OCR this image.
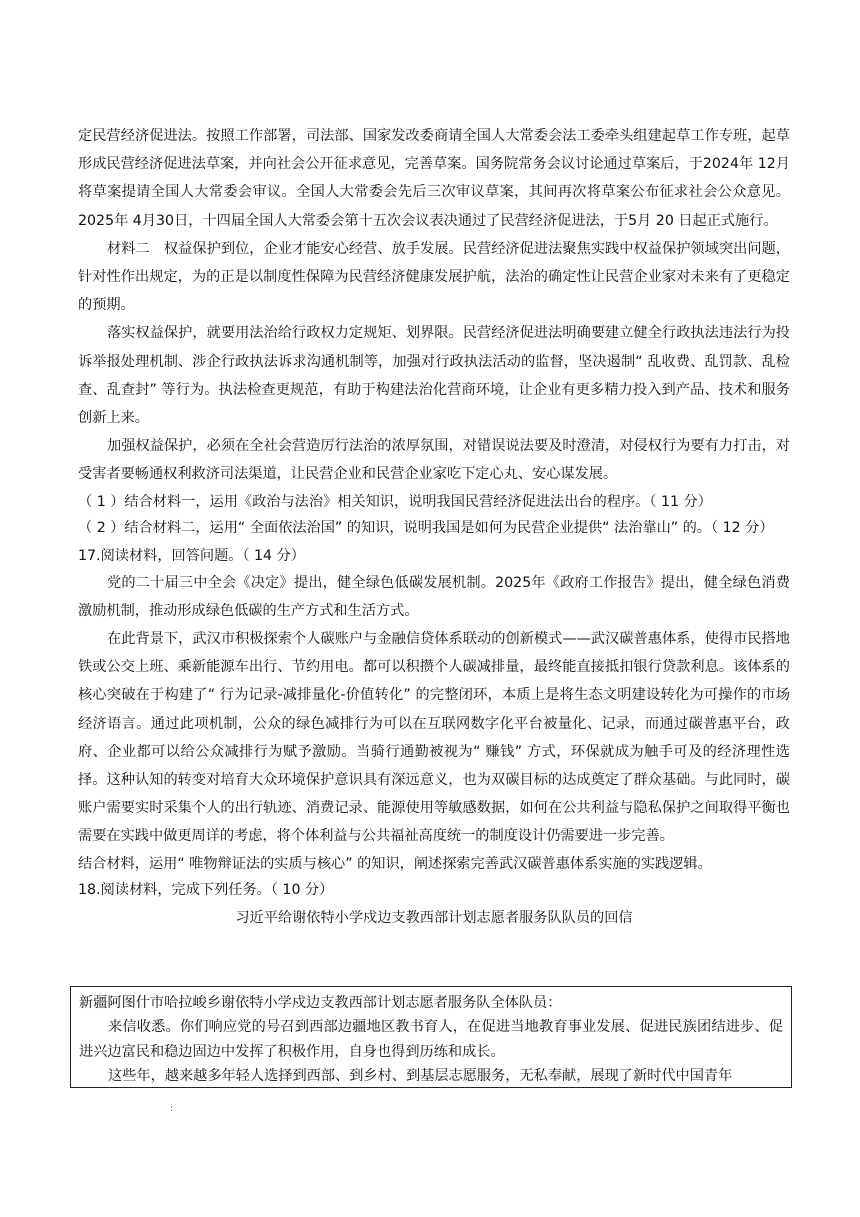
定民营经济促进法。按照工作部署，司法部、国家发改委商请全国人大常委会法工委牵头组建起草工作专班，起草形成民营经济促进法草案，并向社会公开征求意见，完善草案。国务院常务会议讨论通过草案后，于2024年 12月将草案提请全国人大常委会审议。全国人大常委会先后三次审议草案，其间再次将草案公布征求社会公众意见。2025年 4月30日，十四届全国人大常委会第十五次会议表决通过了民营经济促进法，于5月 20 日起正式施行。

材料二　权益保护到位，企业才能安心经营、放手发展。民营经济促进法聚焦实践中权益保护领域突出问题，针对性作出规定，为的正是以制度性保障为民营经济健康发展护航，法治的确定性让民营企业家对未来有了更稳定的预期。

落实权益保护，就要用法治给行政权力定规矩、划界限。民营经济促进法明确要建立健全行政执法违法行为投诉举报处理机制、涉企行政执法诉求沟通机制等，加强对行政执法活动的监督，坚决遏制“ 乱收费、乱罚款、乱检查、乱查封” 等行为。执法检查更规范，有助于构建法治化营商环境，让企业有更多精力投入到产品、技术和服务创新上来。

加强权益保护，必须在全社会营造厉行法治的浓厚氛围，对错误说法要及时澄清，对侵权行为要有力打击，对受害者要畅通权利救济司法渠道，让民营企业和民营企业家吃下定心丸、安心谋发展。

（ 1 ）结合材料一，运用《政治与法治》相关知识，说明我国民营经济促进法出台的程序。（ 11 分）

（ 2 ）结合材料二，运用“ 全面依法治国” 的知识，说明我国是如何为民营企业提供“ 法治靠山” 的。（ 12 分）

17.阅读材料，回答问题。（ 14 分）

党的二十届三中全会《决定》提出，健全绿色低碳发展机制。2025年《政府工作报告》提出，健全绿色消费激励机制，推动形成绿色低碳的生产方式和生活方式。

在此背景下，武汉市积极探索个人碳账户与金融信贷体系联动的创新模式——武汉碳普惠体系，使得市民搭地铁或公交上班、乘新能源车出行、节约用电。都可以积攒个人碳减排量，最终能直接抵扣银行贷款利息。该体系的核心突破在于构建了“ 行为记录-减排量化-价值转化” 的完整闭环，本质上是将生态文明建设转化为可操作的市场经济语言。通过此项机制，公众的绿色减排行为可以在互联网数字化平台被量化、记录，而通过碳普惠平台，政府、企业都可以给公众减排行为赋予激励。当骑行通勤被视为“ 赚钱” 方式，环保就成为触手可及的经济理性选择。这种认知的转变对培育大众环境保护意识具有深远意义，也为双碳目标的达成奠定了群众基础。与此同时，碳账户需要实时采集个人的出行轨迹、消费记录、能源使用等敏感数据，如何在公共利益与隐私保护之间取得平衡也需要在实践中做更周详的考虑，将个体利益与公共福祉高度统一的制度设计仍需要进一步完善。

结合材料，运用“ 唯物辩证法的实质与核心” 的知识，阐述探索完善武汉碳普惠体系实施的实践逻辑。

18.阅读材料，完成下列任务。（ 10 分）

习近平给谢依特小学戍边支教西部计划志愿者服务队队员的回信

新疆阿图什市哈拉峻乡谢依特小学戍边支教西部计划志愿者服务队全体队员：

来信收悉。你们响应党的号召到西部边疆地区教书育人，在促进当地教育事业发展、促进民族团结进步、促进兴边富民和稳边固边中发挥了积极作用，自身也得到历练和成长。

这些年，越来越多年轻人选择到西部、到乡村、到基层志愿服务，无私奉献，展现了新时代中国青年

:
